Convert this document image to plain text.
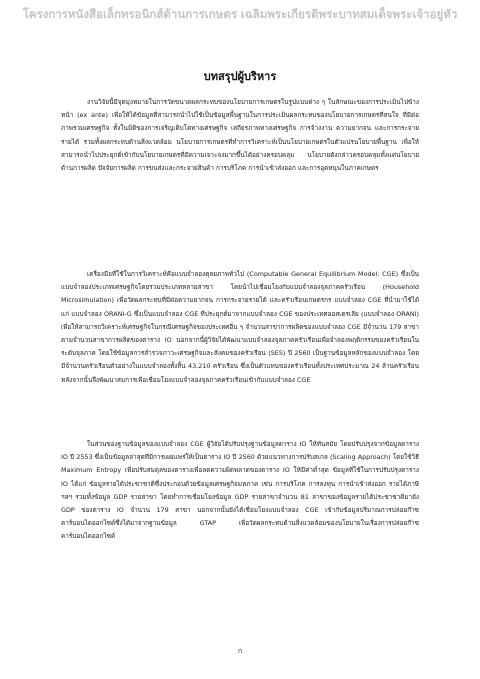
โครงการหนังสือเล็กทรอนิกส์ด้านการเกษตร เฉลิมพระเกียรติพระบาทสมเด็จพระเจ้าอยู่หัว
บทสรุปผู้บริหาร

งานวิจัยนี้มีจุดมุ่งหมายในการวัดขนาดผลกระทบของนโยบายการเกษตรในรูปแบบต่าง ๆ ในลักษณะของการประเมินไปข้างหน้า (ex ante) เพื่อให้ได้ข้อมูลที่สามารถนำไปใช้เป็นข้อมูลพื้นฐานในการประเมินผลกระทบของนโยบายการเกษตรที่สนใจ ที่มีต่อภาพรวมเศรษฐกิจ ทั้งในมิติของการเจริญเติบโตทางเศรษฐกิจ เสถียรภาพทางเศรษฐกิจ การจ้างงาน ความยากจน และการกระจายรายได้ รวมทั้งผลกระทบด้านสิ่งแวดล้อม นโยบายการเกษตรที่ทำการวิเคราะห์เป็นนโยบายเกษตรในตัวแปรนโยบายพื้นฐาน เพื่อให้สามารถนำไปประยุกต์เข้ากับนโยบายเกษตรที่มีความเจาะจงมากขึ้นได้อย่างครอบคลุม นโยบายดังกล่าวครอบคลุมทั้งแต่นโยบายด้านการผลิต ปัจจัยการผลิต การขนส่งและกระจายสินค้า การบริโภค การนำเข้าส่งออก และการอุดหนุนในภาคเกษตร

เครื่องมือที่ใช้ในการวิเคราะห์คือแบบจำลองดุลยภาพทั่วไป (Computable General Equilibrium Model: CGE) ซึ่งเป็นแบบจำลองประเภทเศรษฐกิจโดยรวมประเภทหลายสาขา โดยนำไปเชื่อมโยงกับแบบจำลองจุลภาคครัวเรือน (Household Microsimulation) เพื่อวัดผลกระทบที่มีต่อความยากจน การกระจายรายได้ และครัวเรือนเกษตรกร แบบจำลอง CGE ที่นำมาใช้ได้แก่ แบบจำลอง ORANI-G ซึ่งเป็นแบบจำลอง CGE ที่ประยุกต์มาจากแบบจำลอง CGE ของประเทศออสเตรเลีย (แบบจำลอง ORANI) เพื่อให้สามารถวิเคราะห์เศรษฐกิจในกรณีเศรษฐกิจของประเทศอื่น ๆ จำนวนสาขาการผลิตของแบบจำลอง CGE มีจำนวน 179 สาขาตามจำนวนสาขาการผลิตของตาราง IO นอกจากนี้ผู้วิจัยได้พัฒนาแบบจำลองจุลภาคครัวเรือนเพื่อจำลองพฤติกรรมของครัวเรือนในระดับจุลภาค โดยใช้ข้อมูลการสำรวจภาวะเศรษฐกิจและสังคมของครัวเรือน (SES) ปี 2560 เป็นฐานข้อมูลหลักของแบบจำลอง โดยมีจำนวนครัวเรือนตัวอย่างในแบบจำลองทั้งสิ้น 43,210 ครัวเรือน ซึ่งเป็นตัวแทนของครัวเรือนทั้งประเทศประมาณ 24 ล้านครัวเรือน หลังจากนั้นจึงพัฒนาสมการเพื่อเชื่อมโยงแบบจำลองจุลภาคครัวเรือนเข้ากับแบบจำลอง CGE

ในส่วนของฐานข้อมูลของแบบจำลอง CGE ผู้วิจัยได้ปรับปรุงฐานข้อมูลตาราง IO ให้ทันสมัย โดยปรับปรุงจากข้อมูลตาราง IO ปี 2553 ซึ่งเป็นข้อมูลล่าสุดที่มีการเผยแพร่ให้เป็นตาราง IO ปี 2560 ด้วยแนวทางการปรับสเกล (Scaling Approach) โดยใช้วิธี Maximum Entropy เพื่อปรับสมดุลของตารางเพื่อลดความผิดพลาดของตาราง IO ให้มีค่าต่ำสุด ข้อมูลที่ใช้ในการปรับปรุงตาราง IO ได้แก่ ข้อมูลรายได้ประชาชาติซึ่งประกอบด้วยข้อมูลเศรษฐกิจมหภาค เช่น การบริโภค การลงทุน การนำเข้าส่งออก รายได้ภาษี ฯลฯ รวมทั้งข้อมูล GDP รายสาขา โดยทำการเชื่อมโยงข้อมูล GDP รายสาขาจำนวน 81 สาขาของข้อมูลรายได้ประชาชาติมายัง GDP ของตาราง IO จำนวน 179 สาขา นอกจากนั้นยังได้เชื่อมโยงแบบจำลอง CGE เข้ากับข้อมูลปริมาณการปล่อยก๊าซคาร์บอนไดออกไซด์ซึ่งได้มาจากฐานข้อมูล GTAP เพื่อวัดผลกระทบด้านสิ่งแวดล้อมของนโยบายในเรื่องการปล่อยก๊าซคาร์บอนไดออกไซด์

ก
